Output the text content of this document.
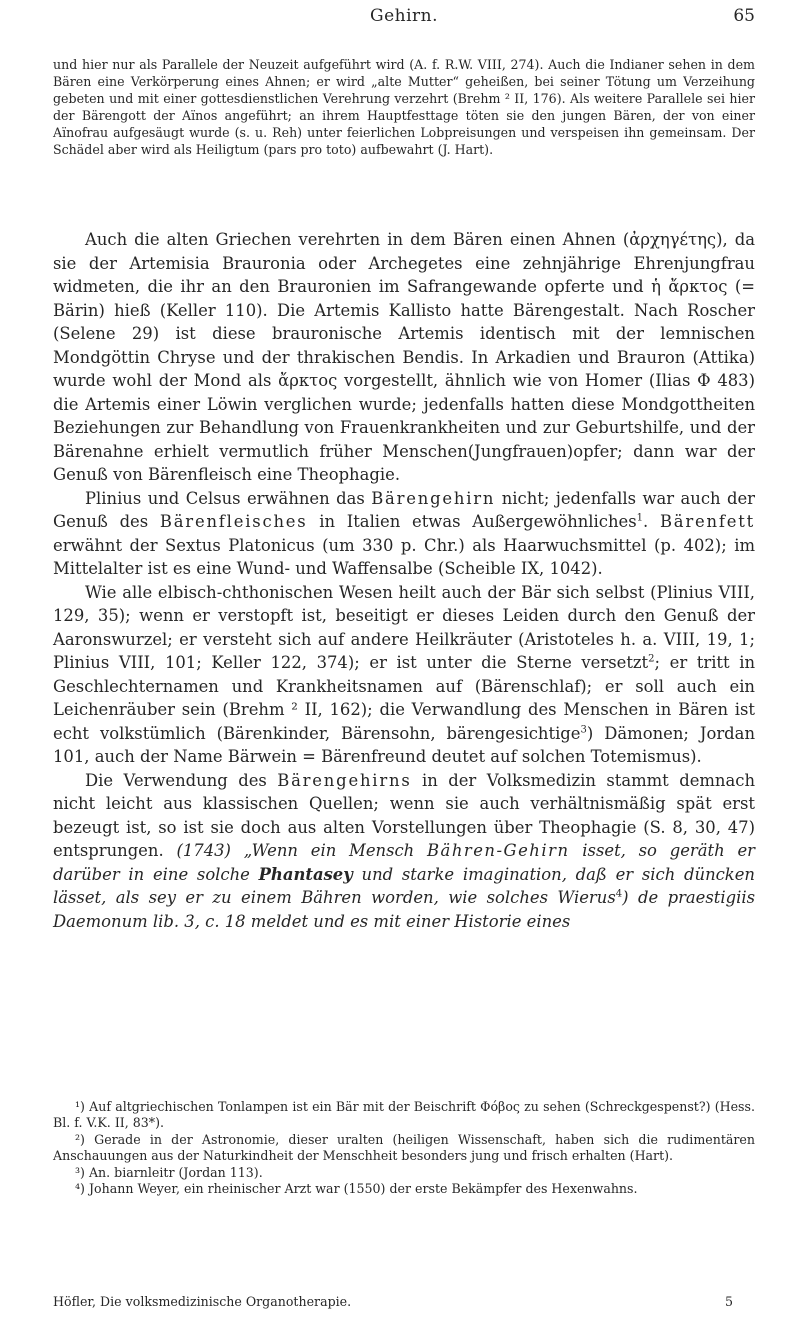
Gehirn.	65

und hier nur als Parallele der Neuzeit aufgeführt wird (A. f. R.W. VIII, 274). Auch die Indianer sehen in dem Bären eine Verkörperung eines Ahnen; er wird „alte Mutter“ geheißen, bei seiner Tötung um Verzeihung gebeten und mit einer gottesdienstlichen Verehrung verzehrt (Brehm ² II, 176). Als weitere Parallele sei hier der Bärengott der Aïnos angeführt; an ihrem Hauptfesttage töten sie den jungen Bären, der von einer Aïnofrau aufgesäugt wurde (s. u. Reh) unter feierlichen Lobpreisungen und verspeisen ihn gemeinsam. Der Schädel aber wird als Heiligtum (pars pro toto) aufbewahrt (J. Hart).

Auch die alten Griechen verehrten in dem Bären einen Ahnen (ἀρχηγέτης), da sie der Artemisia Brauronia oder Archegetes eine zehnjährige Ehrenjungfrau widmeten, die ihr an den Brauronien im Safrangewande opferte und ἡ ἄρκτος (= Bärin) hieß (Keller 110). Die Artemis Kallisto hatte Bärengestalt. Nach Roscher (Selene 29) ist diese brauronische Artemis identisch mit der lemnischen Mondgöttin Chryse und der thrakischen Bendis. In Arkadien und Brauron (Attika) wurde wohl der Mond als ἄρκτος vorgestellt, ähnlich wie von Homer (Ilias Φ 483) die Artemis einer Löwin verglichen wurde; jedenfalls hatten diese Mondgottheiten Beziehungen zur Behandlung von Frauenkrankheiten und zur Geburtshilfe, und der Bärenahne erhielt vermutlich früher Menschen(Jungfrauen)opfer; dann war der Genuß von Bärenfleisch eine Theophagie.

Plinius und Celsus erwähnen das Bärengehirn nicht; jedenfalls war auch der Genuß des Bärenfleisches in Italien etwas Außergewöhnliches$^1$. Bärenfett erwähnt der Sextus Platonicus (um 330 p. Chr.) als Haarwuchsmittel (p. 402); im Mittelalter ist es eine Wund- und Waffensalbe (Scheible IX, 1042).

Wie alle elbisch-chthonischen Wesen heilt auch der Bär sich selbst (Plinius VIII, 129, 35); wenn er verstopft ist, beseitigt er dieses Leiden durch den Genuß der Aaronswurzel; er versteht sich auf andere Heilkräuter (Aristoteles h. a. VIII, 19, 1; Plinius VIII, 101; Keller 122, 374); er ist unter die Sterne versetzt$^2$; er tritt in Geschlechternamen und Krankheitsnamen auf (Bärenschlaf); er soll auch ein Leichenräuber sein (Brehm ² II, 162); die Verwandlung des Menschen in Bären ist echt volkstümlich (Bärenkinder, Bärensohn, bärengesichtige$^3$) Dämonen; Jordan 101, auch der Name Bärwein = Bärenfreund deutet auf solchen Totemismus).

Die Verwendung des Bärengehirns in der Volksmedizin stammt demnach nicht leicht aus klassischen Quellen; wenn sie auch verhältnismäßig spät erst bezeugt ist, so ist sie doch aus alten Vorstellungen über Theophagie (S. 8, 30, 47) entsprungen. (1743) „Wenn ein Mensch Bähren-Gehirn isset, so geräth er darüber in eine solche Phantasey und starke imagination, daß er sich düncken lässet, als sey er zu einem Bähren worden, wie solches Wierus$^4$) de praestigiis Daemonum lib. 3, c. 18 meldet und es mit einer Historie eines

¹) Auf altgriechischen Tonlampen ist ein Bär mit der Beischrift Φόβος zu sehen (Schreckgespenst?) (Hess. Bl. f. V.K. II, 83*).

²) Gerade in der Astronomie, dieser uralten (heiligen Wissenschaft, haben sich die rudimentären Anschauungen aus der Naturkindheit der Menschheit besonders jung und frisch erhalten (Hart).

³) An. biarnleitr (Jordan 113).

⁴) Johann Weyer, ein rheinischer Arzt war (1550) der erste Bekämpfer des Hexenwahns.

Höfler, Die volksmedizinische Organotherapie.	5
